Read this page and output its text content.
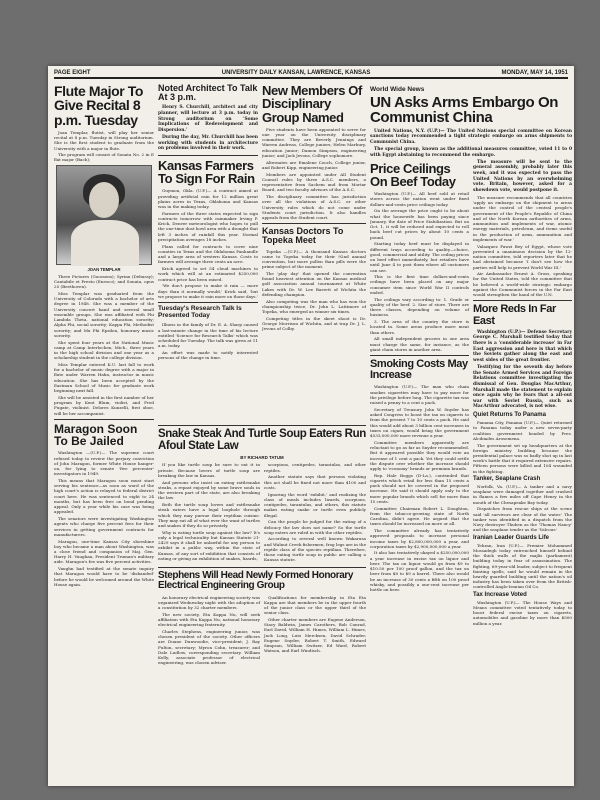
PAGE EIGHT	UNIVERSITY DAILY KANSAN, LAWRENCE, KANSAS	MONDAY, MAY 14, 1951
Flute Major To Give Recital 8 p.m. Tuesday

Joan Templar, flutist, will play her senior recital at 8 p.m. Tuesday in Strong auditorium. She is the first student to graduate from the University with a major in flute.

The program will consist of Sonata No. 2 in E flat major (Bach);

JOAN TEMPLAR

Three Pictures (Goossens); Syrinx (Debussy); Cantabile et Presto (Enesco); and Sonata, opus 25 (Beethoven).

Miss Templar was graduated from the University of Colorado with a bachelor of arts degree in 1948. She was a member of the University concert band and several small ensemble groups. She was affiliated with Phi Lambda Theta, national education sorority; Alpha Phi, social sorority; Kappa Phi, Methodist sorority; and Mu Phi Epsilon, honorary music sorority.

She spent four years at the National Music camp at Camp Interlochen, Mich., three years in the high school division and one year as a scholarship student in the college division.

Miss Templar entered K.U. last fall to work for a bachelor of music degree with a major in flute under Warren Hahn, instructor in music education. She has been accepted by the Eastman School of Music for graduate work beginning next fall.

She will be assisted in the first number of her program by Kent Blum, violist, and Fred Fugate, violinist. Delores Kunzelli, first oboe, will be her accompanist.

Maragon Soon To Be Jailed

Washington —(U.P.)— The supreme court refused today to review the perjury conviction of John Maragon, former White House hanger-on, for lying to senate 'five percenter' investigators in 1949.

This means that Maragon soon must start serving his sentence—as soon as word of the high court's action is relayed to federal district court here. He was sentenced to eight to 24 months, but has been free on bond pending appeal. Only a year while his case was being appealed.

The senators were investigating Washington agents who charge five percent fees for their services in getting government contracts for manufacturers.

Maragon, one-time Kansas City shoeshine boy who became a man about Washington, was a close friend and companion of Maj. Gen. Harry H. Vaughan, President Truman's military aide. Maragon's fee was five percent activities.

Vaughn had testified at the senate inquiry that Maragon would have to be 'disbanded' before he would be welcomed around the White House again.

Noted Architect To Talk At 3 p.m.

Henry S. Churchill, architect and city planner, will lecture at 3 p.m. today in Strong auditorium on 'Some Implications of Redevelopment and Dispersion.'

During the day, Mr. Churchill has been working with students in architecture on problems involved in their work.

Kansas Farmers To Sign For Rain

Guymon, Okla. (U.P.)— A contract aimed at providing artificial rain for 12 million great plains acres in Texas, Oklahoma and Kansas was in the making today.

Farmers of the three states expected to sign contracts tomorrow with rainmaker Irving P. Krick, Denver meteorologist who hopes to pull the one-time dust bowl area with a drought that left 3 inches of rainfall this year. Normal precipitation averages 18 inches.

Plans called for contracts to cover nine counties in Texas and the Oklahoma Panhandle and a large area of western Kansas. Costs to farmers will average three cents an acre.

Krick agreed to set 54 cloud machines to work which will at an estimated $250,000 contract price has been raised.

'We don't propose to make it rain — more days than it normally would,' Krick said, 'but we propose to make it rain more on those days.'

Tuesday's Research Talk Is Presented Today

Illness in the family of Dr. E. A. Sharp caused a last-minute change in the time of his lecture entitled 'Science for Research Talks' which was scheduled for Tuesday. The talk was given at 11 a.m. today.

An effort was made to notify interested persons of the change in time.

New Members Of Disciplinary Group Named

Five students have been appointed to serve for one year on the University disciplinary committee. They are Beverly Jennings and Warren Andreas, College juniors; Helen Marbury, education junior; Damon Simpson, engineering junior; and Jack Jevons, College sophomore.

Alternates are Emalene Cooch, College junior, and Robert Kipp, engineering junior.

Members are appointed under All Student Council rules by three A.S.C. members, a representative from Sachem and from Mortar Board, and two faculty advisors of the A.S.C.

The disciplinary committee has jurisdiction over all the violations of A.S.C. or other University rules which do not come under Students court jurisdiction. It also handles appeals from the Student court.

Kansas Doctors To Topeka Meet

Topeka —(U.P.)— A thousand Kansas doctors came to Topeka today for their 92nd annual convention, but more pollen than pills were the prime subject of the moment.

The 'play day' that opened the convention found heaviest attention on the Kansas medical golf association annual tournament at White Lakes with Dr. W. Lee Barrett of Wichita the defending champion.

Also competing was the man who has won the championship twice, Dr. John L. Lattimore of Topeka, who emerged as winner six times.

Competing titles in the skeet shoot is Dr. George Morrison of Wichita, and at trap Dr. J. L. Jevons of Colby.

Snake Steak And Turtle Soup Eaters Run Afoul State Law
BY RICHARD TATUM

If you like turtle soup be sure to eat it in private. Because lovers of turtle soup are breaking the law in Kansas.

And persons who insist on eating rattlesnake steaks, a repast enjoyed by some brave souls in the western part of the state, are also breaking the law.

Both the turtle soup lovers and rattlesnake steak eaters have a legal loophole through which they may pursue their reptilian cuisine. They may eat all of what ever the want of turtles and snakes if they do so privately.

Why is eating turtle soup against the law? It's only a legal technicality but Kansas Statute 21-2429 says it shall be unlawful for any person to exhibit in a public way, within the state of Kansas, of any sort of exhibition that consists of eating or giving an exhibition of snakes, lizards,

scorpions, centipedes, tarantulas, and other reptiles.

Another statute says that persons violating this act shall be fined not more than $100 and costs.

Ignoring the word 'exhibit,' and realizing the class of meals includes lizards, scorpions, centipedes, tarantulas, and others, this statute makes eating snake or turtle even publicly illegal.

Can the people be judged for the eating of a delicacy the law does not name? So the turtle soup eaters are ruled in with the other reptiles.

According to several well known Wakarusa and Walnut Creek fishermen, frog legs are in the reptile class of the species reptilian. Therefore, those eating turtle soup in public are calling a Kansas statute.

Stephens Will Head Newly Formed Honorary Electrical Engineering Group

An honorary electrical engineering society was organized Wednesday night with the adoption of a constitution by 32 charter members.

The new society, Eta Kappa Nu, will seek affiliation with Eta Kappa Nu, national honorary electrical engineering fraternity.

Charles Stephens, engineering junior, was chosen president of the society. Other officers are Duane Dunwoodie, vice-president; J. Ray Fulton, secretary; Myron Cohn, treasurer; and Dale Ludlow, corresponding secretary. William Kelly, associate professor of electrical engineering, was chosen adviser.

Qualifications for membership in Eta Eta Kappa are that members be in the upper fourth of the junior class or the upper third of the senior class.

Other charter members are Eugene Anderson, Stacy Baldwin, James Carothers, Bob Conrad, Earl David, William H. Himes, William L. Himes, Jack Long, Lutz Mercksen, David Schrader, Eugene Snyder, Robert T. Smith, Edward Simpson, William Switzer, Ed Ward, Robert Watson, and Earl Windisch.

World Wide News
UN Asks Arms Embargo On Communist China

United Nations, N.Y. (U.P.)— The United Nations special committee on Korean sanctions today recommended a tight strategic embargo on arms shipments to Communist China.

The special group, known as the additional measures committee, voted 11 to 0 with Egypt abstaining to recommend the embargo.

Price Ceilings On Beef Today

Washington (U.P.)— All beef sold at retail stores across the nation went under fixed dollars-and-cents price ceilings today.

On the average the price ought to be about what the housewife has been paying since January, the date of Price Stabilization. But on Oct. 1, it will be reduced and expected to roll back beef cut prices by about 10 cents a pound.

Starting today beef must be displayed in different trays according to quality—choice, good, commercial and utility. The ceiling prices on beef effect immediately, but retailers have until June 4 to post them where all customers can see.

This is the first time dollars-and-cents ceilings have been placed on any major consumer item since World War II controls ended.

The ceilings vary according to: 1. Grade or quality of the beef. 2. Size of store. There are three classes, depending on volume of business.

3. The area of the country the store is located in. Some areas produce more meat than others.

All small independent grocers in one area must charge the same, for instance, as the giant chain stores in another area.

Smoking Costs May Increase

Washington (U.P.)— The man who chain smokes cigarettes may have to pay more for the privilege before long. The cigarette tax was raised a penny to a cent a pack.

Secretary of Treasury John W. Snyder has asked Congress to boost the tax on cigarets to from the present 7 to 10 cents a pack. He said this would add about 3 billion cent increases in taxes on cigars, would bring the government $533,000,000 more revenue a year.

Committee members apparently are reluctant to go as far as Snyder recommended. But it appeared possible they would vote an increase of 1 cent a pack. Yet they could settle the dispute over whether the increase should apply to 'economy' brands or premium brands.

Rep. Hale Boggs (D-La.), contended that cigarets which retail for less than 15 cents a pack should not be covered in the proposed increase. He said it should apply only to the more popular brands which sell for more than 15 cents.

Committee Chairman Robert L. Doughton, from the tobacco-growing state of North Carolina, didn't agree. He argued that the taxes should be increased on more or all.

The committee already has tentatively approved proposals to increase personal income taxes by $2,800,000,000 a year, and corporation taxes by $2,900,000,000 a year.

It also has tentatively okayed a $250,000,000 a year increase in excise tax on liquor and beer. The tax on liquor would go from $9 to $10.50 per 100 proof gallon, and the tax on beer from $8 to $9 a barrel. There also would be an increase of 30 cents a fifth on 100 proof whisky, and possibly a one-cent increase per bottle on beer.

The measure will be sent to the general assembly, probably later this week, and it was expected to pass the United Nations by an overwhelming vote. Britain, however, asked for a showdown vote, would postpone it.

The measure recommends that all countries 'apply an embargo on the shipment to areas under the control of the central people's government of the People's Republic of China and of the North Korean authorities of arms, ammunition and implements of war, atomic energy materials, petroleum, and items useful in the production of arms, ammunition and implements of war.'

Valazquez Fawzi Bey of Egypt, whose vote prevented a unanimous decision by the 12-nation committee, told reporters later that he had abstained because 'I don't see how the parties will help to prevent World War III.'

Air Ambassador Ernest A. Gross, speaking for the United States, told the committee that he believed a world-wide strategic embargo against the Communist forces in the Far East would strengthen the hand of the U.N.

More Reds In Far East

Washington (U.P.)— Defense Secretary George C. Marshall testified today that there is a 'considerable increase' in Far East aggression and here is that which the Soviets gather along the east and west sides of the great frontier.

Testifying for the seventh day before the Senate Armed Services and Foreign Relations committee investigating the dismissal of Gen. Douglas MacArthur, Marshall made the statement to explain once again why he fears that a all-out war with Soviet Russia, such as MacArthur advocated, is not wise.

Quiet Returns To Panama

Panama City, Panama (U.P.)— Quiet returned to Panama today under a new seven-party coalition government headed by Pres. Alcibiades Arosemena.

The government set up headquarters at the foreign ministry building because the presidential palace was so badly shot up in last week's battle that it required extensive repairs. Fifteen persons were killed and 104 wounded in the fighting.

Tanker, Seaplane Crash

Norfolk, Va. (U.P.)— A tanker and a navy seaplane were damaged together and crashed in flames a few miles off Cape Henry in the mouth of the Chesapeake Bay today.

Dispatches from rescue ships at the scene said 'all survivors are clear of the water.' The tanker was identified in a dispatch from the Navy destroyer Thuben as the 'Thomas Nancy' and the seaplane tender as the 'Valcour.'

Iranian Leader Guards Life

Tehran, Iran (U.P.)— Premier Mohammed Mossadegh today entrenched himself behind the thick walls of the majlis (parliament) building today in fear of assassination. The fighting, 69-year-old leader, subject to frequent fainting spells, said he would remain in the heavily guarded building until the nation's oil industry has been taken over from the British-controlled Anglo-Iranian Oil Co.

Tax Increase Voted

Washington (U.P.)— The House Ways and Means committee voted tentatively today to boost federal excise taxes on cigarets, automobiles and gasoline by more than $500 million a year.
